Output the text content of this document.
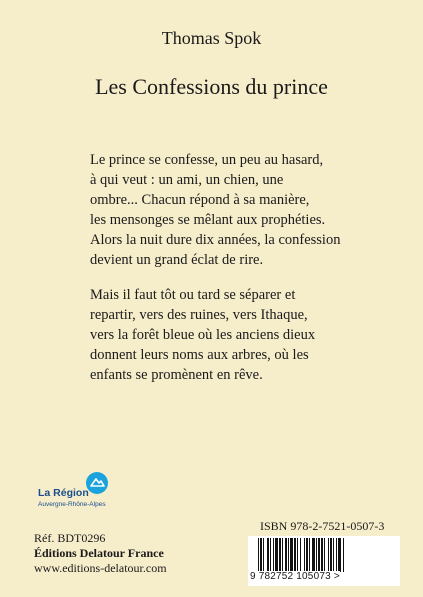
Thomas Spok
Les Confessions du prince
Le prince se confesse, un peu au hasard,
à qui veut : un ami, un chien, une
ombre... Chacun répond à sa manière,
les mensonges se mêlant aux prophéties.
Alors la nuit dure dix années, la confession
devient un grand éclat de rire.
Mais il faut tôt ou tard se séparer et
repartir, vers des ruines, vers Ithaque,
vers la forêt bleue où les anciens dieux
donnent leurs noms aux arbres, où les
enfants se promènent en rêve.
La Région
Auvergne-Rhône-Alpes
Réf. BDT0296
Éditions Delatour France
www.editions-delatour.com
ISBN 978-2-7521-0507-3
9 782752 105073 >
